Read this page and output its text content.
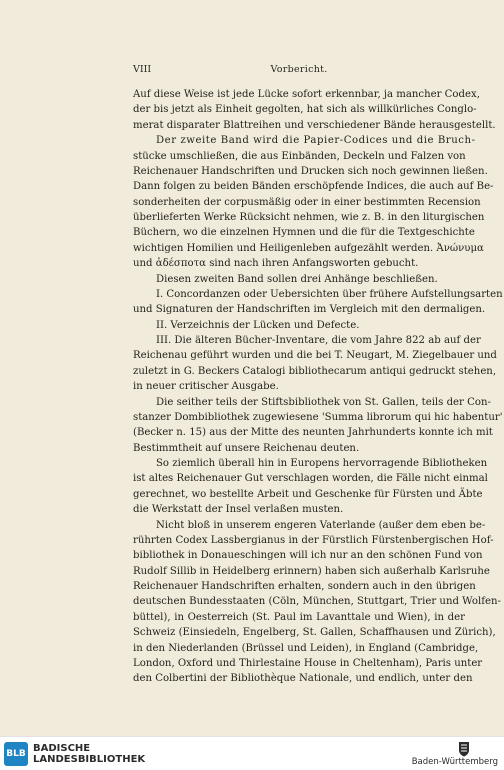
VIII	Vorbericht.
Auf diese Weise ist jede Lücke sofort erkennbar, ja mancher Codex,
der bis jetzt als Einheit gegolten, hat sich als willkürliches Conglo-
merat disparater Blattreihen und verschiedener Bände herausgestellt.
Der zweite Band wird die Papier-Codices und die Bruch-
stücke umschließen, die aus Einbänden, Deckeln und Falzen von
Reichenauer Handschriften und Drucken sich noch gewinnen ließen.
Dann folgen zu beiden Bänden erschöpfende Indices, die auch auf Be-
sonderheiten der corpusmäßig oder in einer bestimmten Recension
überlieferten Werke Rücksicht nehmen, wie z. B. in den liturgischen
Büchern, wo die einzelnen Hymnen und die für die Textgeschichte
wichtigen Homilien und Heiligenleben aufgezählt werden. Ἀνώνυμα
und ἀδέσποτα sind nach ihren Anfangsworten gebucht.
Diesen zweiten Band sollen drei Anhänge beschließen.
I. Concordanzen oder Uebersichten über frühere Aufstellungsarten
und Signaturen der Handschriften im Vergleich mit den dermaligen.
II. Verzeichnis der Lücken und Defecte.
III. Die älteren Bücher-Inventare, die vom Jahre 822 ab auf der
Reichenau geführt wurden und die bei T. Neugart, M. Ziegelbauer und
zuletzt in G. Beckers Catalogi bibliothecarum antiqui gedruckt stehen,
in neuer critischer Ausgabe.
Die seither teils der Stiftsbibliothek von St. Gallen, teils der Con-
stanzer Dombibliothek zugewiesene 'Summa librorum qui hic habentur'
(Becker n. 15) aus der Mitte des neunten Jahrhunderts konnte ich mit
Bestimmtheit auf unsere Reichenau deuten.
So ziemlich überall hin in Europens hervorragende Bibliotheken
ist altes Reichenauer Gut verschlagen worden, die Fälle nicht einmal
gerechnet, wo bestellte Arbeit und Geschenke für Fürsten und Äbte
die Werkstatt der Insel verlaßen musten.
Nicht bloß in unserem engeren Vaterlande (außer dem eben be-
rührten Codex Lassbergianus in der Fürstlich Fürstenbergischen Hof-
bibliothek in Donaueschingen will ich nur an den schönen Fund von
Rudolf Sillib in Heidelberg erinnern) haben sich außerhalb Karlsruhe
Reichenauer Handschriften erhalten, sondern auch in den übrigen
deutschen Bundesstaaten (Cöln, München, Stuttgart, Trier und Wolfen-
büttel), in Oesterreich (St. Paul im Lavanttale und Wien), in der
Schweiz (Einsiedeln, Engelberg, St. Gallen, Schaffhausen und Zürich),
in den Niederlanden (Brüssel und Leiden), in England (Cambridge,
London, Oxford und Thirlestaine House in Cheltenham), Paris unter
den Colbertini der Bibliothèque Nationale, und endlich, unter den
BLB BADISCHE
LANDESBIBLIOTHEK	Baden-Württemberg
